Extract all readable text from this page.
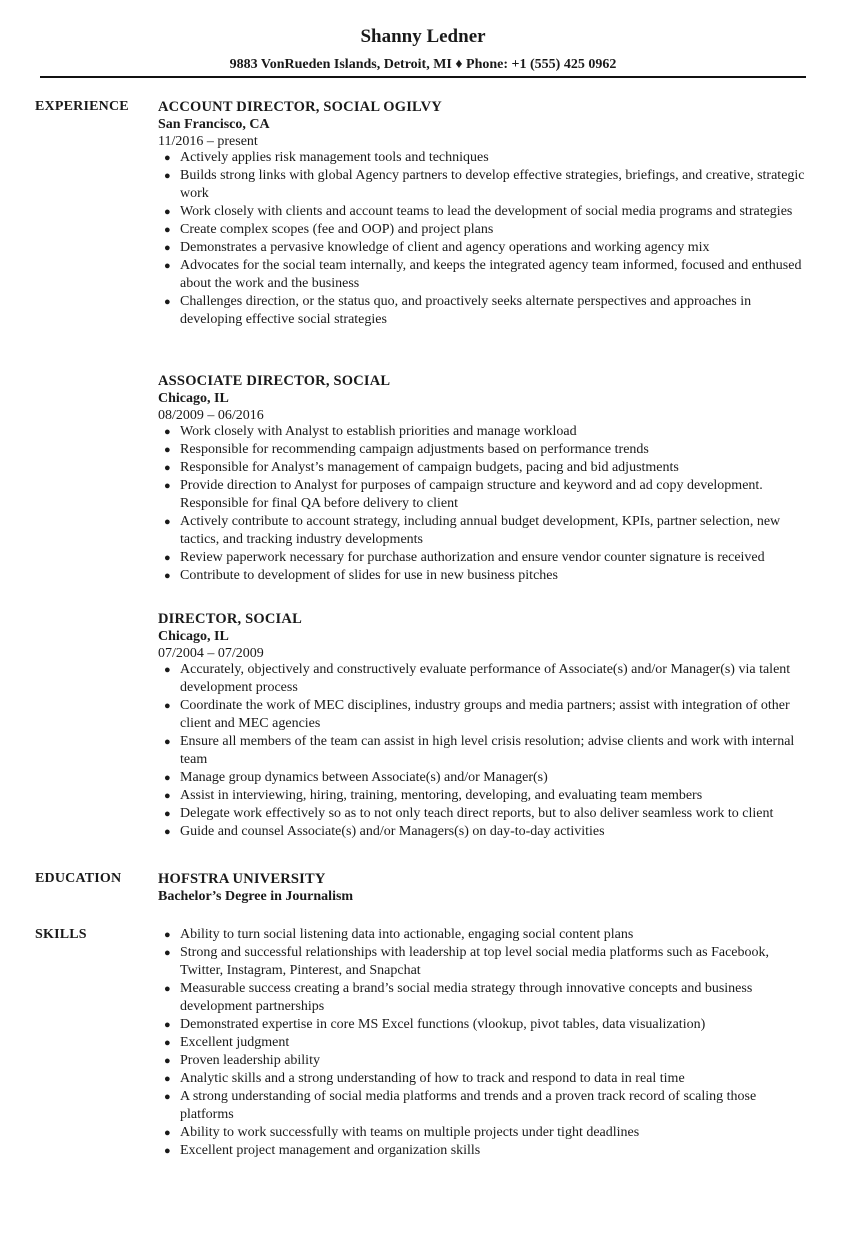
Shanny Ledner
9883 VonRueden Islands, Detroit, MI ♦ Phone: +1 (555) 425 0962
EXPERIENCE ACCOUNT DIRECTOR, SOCIAL OGILVY
San Francisco, CA
11/2016 – present
● Actively applies risk management tools and techniques
● Builds strong links with global Agency partners to develop effective strategies, briefings, and creative, strategic work
● Work closely with clients and account teams to lead the development of social media programs and strategies
● Create complex scopes (fee and OOP) and project plans
● Demonstrates a pervasive knowledge of client and agency operations and working agency mix
● Advocates for the social team internally, and keeps the integrated agency team informed, focused and enthused about the work and the business
● Challenges direction, or the status quo, and proactively seeks alternate perspectives and approaches in developing effective social strategies
ASSOCIATE DIRECTOR, SOCIAL
Chicago, IL
08/2009 – 06/2016
● Work closely with Analyst to establish priorities and manage workload
● Responsible for recommending campaign adjustments based on performance trends
● Responsible for Analyst’s management of campaign budgets, pacing and bid adjustments
● Provide direction to Analyst for purposes of campaign structure and keyword and ad copy development. Responsible for final QA before delivery to client
● Actively contribute to account strategy, including annual budget development, KPIs, partner selection, new tactics, and tracking industry developments
● Review paperwork necessary for purchase authorization and ensure vendor counter signature is received
● Contribute to development of slides for use in new business pitches
DIRECTOR, SOCIAL
Chicago, IL
07/2004 – 07/2009
● Accurately, objectively and constructively evaluate performance of Associate(s) and/or Manager(s) via talent development process
● Coordinate the work of MEC disciplines, industry groups and media partners; assist with integration of other client and MEC agencies
● Ensure all members of the team can assist in high level crisis resolution; advise clients and work with internal team
● Manage group dynamics between Associate(s) and/or Manager(s)
● Assist in interviewing, hiring, training, mentoring, developing, and evaluating team members
● Delegate work effectively so as to not only teach direct reports, but to also deliver seamless work to client
● Guide and counsel Associate(s) and/or Managers(s) on day-to-day activities
EDUCATION	HOFSTRA UNIVERSITY
Bachelor’s Degree in Journalism
SKILLS	● Ability to turn social listening data into actionable, engaging social content plans
● Strong and successful relationships with leadership at top level social media platforms such as Facebook, Twitter, Instagram, Pinterest, and Snapchat
● Measurable success creating a brand’s social media strategy through innovative concepts and business development partnerships
● Demonstrated expertise in core MS Excel functions (vlookup, pivot tables, data visualization)
● Excellent judgment
● Proven leadership ability
● Analytic skills and a strong understanding of how to track and respond to data in real time
● A strong understanding of social media platforms and trends and a proven track record of scaling those platforms
● Ability to work successfully with teams on multiple projects under tight deadlines
● Excellent project management and organization skills
